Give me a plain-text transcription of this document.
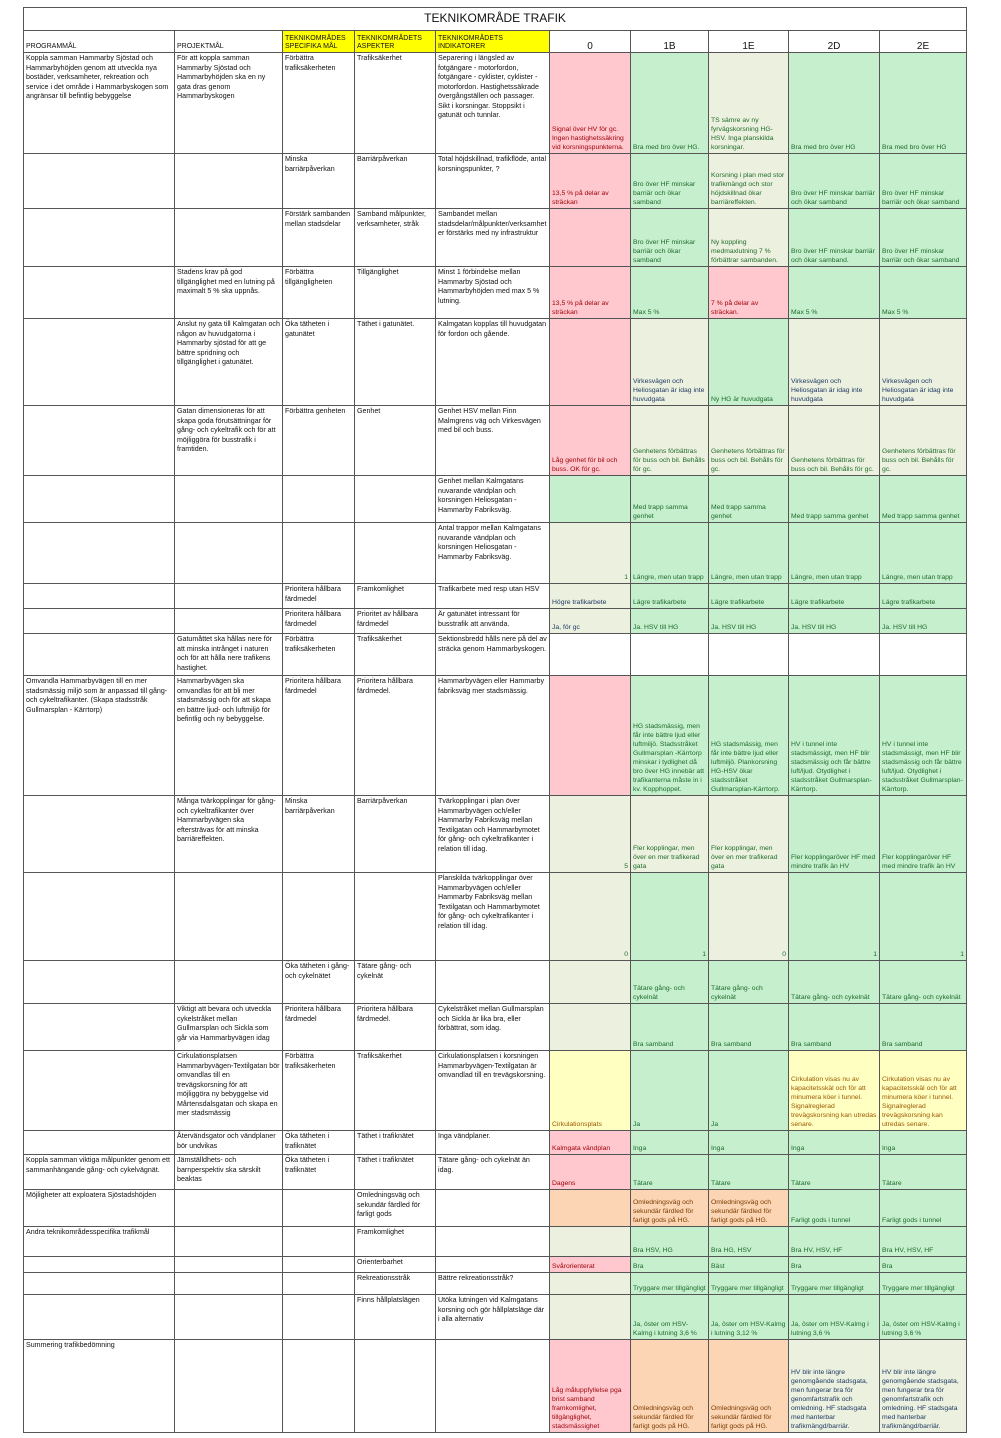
TEKNIKOMRÅDE TRAFIK									
PROGRAMMÅL	PROJEKTMÅL	TEKNIKOMRÅDES SPECIFIKA MÅL	TEKNIKOMRÅDETS ASPEKTER	TEKNIKOMRÅDETS INDIKATORER	0	1B	1E	2D	2E
Koppla samman Hammarby Sjöstad och Hammarbyhöjden genom att utveckla nya bostäder, verksamheter, rekreation och service i det område i Hammarbyskogen som angränsar till befintlig bebyggelse	För att koppla samman Hammarby Sjöstad och Hammarbyhöjden ska en ny gata dras genom Hammarbyskogen	Förbättra trafiksäkerheten	Trafiksäkerhet	Separering i längsled av fotgängare - motorfordon, fotgängare - cyklister, cyklister - motorfordon. Hastighetssäkrade övergångställen och passager. Sikt i korsningar. Stoppsikt i gatunät och tunnlar.	Signal över HV för gc. Ingen hastighetssäkring vid korsningspunkterna.	Bra med bro över HG.	TS sämre av ny fyrvägskorsning HG-HSV. Inga planskilda korsningar.	Bra med bro över HG	Bra med bro över HG
		Minska barriärpåverkan	Barriärpåverkan	Total höjdskillnad, trafikflöde, antal korsningspunkter, ?	13,5 % på delar av sträckan	Bro över HF minskar barriär och ökar samband	Korsning i plan med stor trafikmängd och stor höjdskillnad ökar barriäreffekten.	Bro över HF minskar barriär och ökar samband	Bro över HF minskar barriär och ökar samband
		Förstärk sambanden mellan stadsdelar	Samband målpunkter, verksamheter, stråk	Sambandet mellan stadsdelar/målpunkter/verksamheter förstärks med ny infrastruktur		Bro över HF minskar barriär och ökar samband	Ny koppling medmaxlutning 7 % förbättrar sambanden.	Bro över HF minskar barriär och ökar samband.	Bro över HF minskar barriär och ökar samband
	Stadens krav på god tillgänglighet med en lutning på maximalt 5 % ska uppnås.	Förbättra tillgängligheten	Tillgänglighet	Minst 1 förbindelse mellan Hammarby Sjöstad och Hammarbyhöjden med max 5 % lutning.	13,5 % på delar av sträckan	Max 5 %	7 % på delar av sträckan.	Max 5 %	Max 5 %
	Anslut ny gata till Kalmgatan och någon av huvudgatorna i Hammarby sjöstad för att ge bättre spridning och tillgänglighet i gatunätet.	Öka tätheten i gatunätet	Täthet i gatunätet.	Kalmgatan kopplas till huvudgatan för fordon och gående.		Virkesvägen och Heliosgatan är idag inte huvudgata	Ny HG är huvudgata	Virkesvägen och Heliosgatan är idag inte huvudgata	Virkesvägen och Heliosgatan är idag inte huvudgata
	Gatan dimensioneras för att skapa goda förutsättningar för gång- och cykeltrafik och för att möjliggöra för busstrafik i framtiden.	Förbättra genheten	Genhet	Genhet HSV mellan Finn Malmgrens väg och Virkesvägen med bil och buss.	Låg genhet för bil och buss. OK för gc.	Genhetens förbättras för buss och bil. Behålls för gc.	Genhetens förbättras för buss och bil. Behålls för gc.	Genhetens förbättras för buss och bil. Behålls för gc.	Genhetens förbättras för buss och bil. Behålls för gc.
				Genhet mellan Kalmgatans nuvarande vändplan och korsningen Heliosgatan - Hammarby Fabriksväg.		Med trapp samma genhet	Med trapp samma genhet	Med trapp samma genhet	Med trapp samma genhet
				Antal trappor mellan Kalmgatans nuvarande vändplan och korsningen Heliosgatan - Hammarby Fabriksväg.	1	Längre, men utan trapp	Längre, men utan trapp	Längre, men utan trapp	Längre, men utan trapp
		Prioritera hållbara färdmedel	Framkomlighet	Trafikarbete med resp utan HSV	Högre trafikarbete	Lägre trafikarbete	Lägre trafikarbete	Lägre trafikarbete	Lägre trafikarbete
		Prioritera hållbara färdmedel	Prioritet av hållbara färdmedel	Är gatunätet intressant för busstrafik att använda.	Ja, för gc	Ja. HSV till HG	Ja. HSV till HG	Ja. HSV till HG	Ja. HSV till HG
	Gatumåttet ska hållas nere för att minska intrånget i naturen och för att hålla nere trafikens hastighet.	Förbättra trafiksäkerheten	Trafiksäkerhet	Sektionsbredd hålls nere på del av sträcka genom Hammarbyskogen.					
Omvandla Hammarbyvägen till en mer stadsmässig miljö som är anpassad till gång- och cykeltrafikanter. (Skapa stadsstråk Gullmarsplan - Kärrtorp)	Hammarbyvägen ska omvandlas för att bli mer stadsmässig och för att skapa en bättre ljud- och luftmiljö för befintlig och ny bebyggelse.	Prioritera hållbara färdmedel	Prioritera hållbara färdmedel.	Hammarbyvägen eller Hammarby fabriksväg mer stadsmässig.		HG stadsmässig, men får inte bättre ljud eller luftmiljö. Stadsstråket Gullmarsplan -Kärrtorp minskar i tydlighet då bro över HG innebär att trafikanterna måste in i kv. Kopphoppet.	HG stadsmässig, men får inte bättre ljud eller luftmiljö. Plankorsning HG-HSV ökar stadsstråket Gullmarsplan-Kärrtorp.	HV i tunnel inte stadsmässigt, men HF blir stadsmässig och får bättre luft/ljud. Otydlighet i stadsstråket Gullmarsplan-Kärrtorp.	HV i tunnel inte stadsmässigt, men HF blir stadsmässig och får bättre luft/ljud. Otydlighet i stadsstråket Gullmarsplan-Kärrtorp.
	Många tvärkopplingar för gång- och cykeltrafikanter över Hammarbyvägen ska eftersträvas för att minska barriäreffekten.	Minska barriärpåverkan	Barriärpåverkan	Tvärkopplingar i plan över Hammarbyvägen och/eller Hammarby Fabriksväg mellan Textilgatan och Hammarbymotet för gång- och cykeltrafikanter i relation till idag.	5	Fler kopplingar, men över en mer trafikerad gata	Fler kopplingar, men över en mer trafikerad gata	Fler kopplingaröver HF med mindre trafik än HV	Fler kopplingaröver HF med mindre trafik än HV
				Planskilda tvärkopplingar över Hammarbyvägen och/eller Hammarby Fabriksväg mellan Textilgatan och Hammarbymotet för gång- och cykeltrafikanter i relation till idag.	0	1	0	1	1

		Öka tätheten i gång- och cykelnätet	Tätare gång- och cykelnät			Tätare gång- och cykelnät	Tätare gång- och cykelnät	Tätare gång- och cykelnät	Tätare gång- och cykelnät
	Viktigt att bevara och utveckla cykelstråket mellan Gullmarsplan och Sickla som går via Hammarbyvägen idag	Prioritera hållbara färdmedel	Prioritera hållbara färdmedel.	Cykelstråket mellan Gullmarsplan och Sickla är lika bra, eller förbättrat, som idag.		Bra samband	Bra samband	Bra samband	Bra samband
	Cirkulationsplatsen Hammarbyvägen-Textilgatan bör omvandlas till en trevägskorsning för att möjliggöra ny bebyggelse vid Mårtensdalsgatan och skapa en mer stadsmässig	Förbättra trafiksäkerheten	Trafiksäkerhet	Cirkulationsplatsen i korsningen Hammarbyvägen-Textilgatan är omvandlad till en trevägskorsning.	Cirkulationsplats	Ja	Ja	Cirkulation visas nu av kapacitetsskäl och för att minumera köer i tunnel. Signalreglerad trevägskorsning kan utredas senare.	Cirkulation visas nu av kapacitetsskäl och för att minumera köer i tunnel. Signalreglerad trevägskorsning kan utredas senare.
	Återvändsgator och vändplaner bör undvikas	Öka tätheten i trafiknätet	Täthet i trafiknätet	Inga vändplaner.	Kalmgata vändplan	Inga	Inga	Inga	Inga
Koppla samman viktiga målpunkter genom ett sammanhängande gång- och cykelvägnät.	Jämställdhets- och barnperspektiv ska särskilt beaktas	Öka tätheten i trafiknätet	Täthet i trafiknätet	Tätare gång- och cykelnät än idag.	Dagens	Tätare	Tätare	Tätare	Tätare
Möjligheter att exploatera Sjöstadshöjden			Omledningsväg och sekundär färdled för farligt gods			Omledningsväg och sekundär färdled för farligt gods på HG.	Omledningsväg och sekundär färdled för farligt gods på HG.	Farligt gods i tunnel	Farligt gods i tunnel
Andra teknikområdesspecifika trafikmål			Framkomlighet			Bra HSV, HG	Bra HG, HSV	Bra HV, HSV, HF	Bra HV, HSV, HF
			Orienterbarhet		Svårorienterat	Bra	Bäst	Bra	Bra
			Rekreationsstråk	Bättre rekreationsstråk?		Tryggare mer tillgängligt	Tryggare mer tillgängligt	Tryggare mer tillgängligt	Tryggare mer tillgängligt
			Finns hållplatslägen	Utöka lutningen vid Kalmgatans korsning och gör hållplatsläge där i alla alternativ		Ja, öster om HSV-Kalmg i lutning 3,6 %	Ja, öster om HSV-Kalmg i lutning 3,12 %	Ja, öster om HSV-Kalmg i lutning 3,6 %	Ja, öster om HSV-Kalmg i lutning 3,6 %
Summering trafikbedömning					Låg måluppfyllelse pga brist samband framkomlighet, tillgänglighet, stadsmässighet	Omledningsväg och sekundär färdled för farligt gods på HG.	Omledningsväg och sekundär färdled för farligt gods på HG.	HV blir inte längre genomgående stadsgata, men fungerar bra för genomfartstrafik och omledning. HF stadsgata med hanterbar trafikmängd/barriär.	HV blir inte längre genomgående stadsgata, men fungerar bra för genomfartstrafik och omledning. HF stadsgata med hanterbar trafikmängd/barriär.
